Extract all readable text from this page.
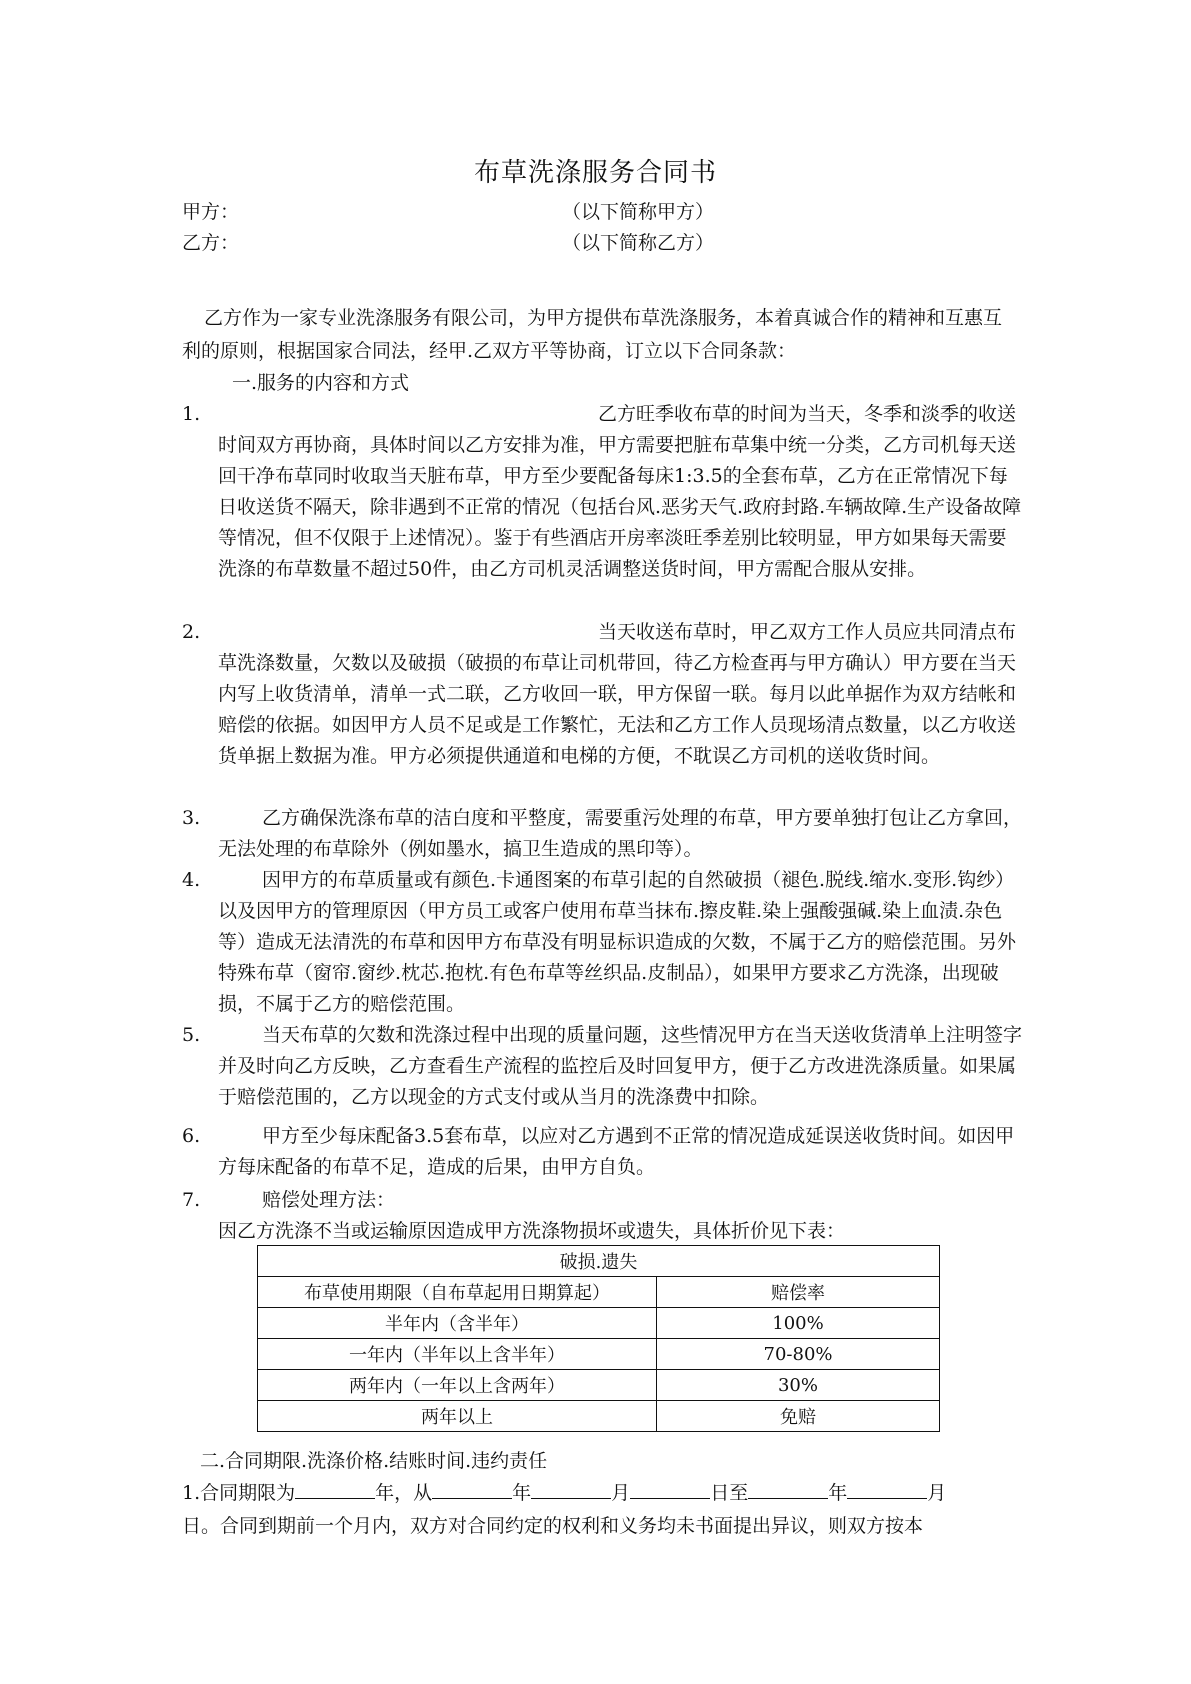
布草洗涤服务合同书
甲方：	（以下简称甲方）
乙方：	（以下简称乙方）
乙方作为一家专业洗涤服务有限公司，为甲方提供布草洗涤服务，本着真诚合作的精神和互惠互利的原则，根据国家合同法，经甲.乙双方平等协商，订立以下合同条款：
一.服务的内容和方式
1.	乙方旺季收布草的时间为当天，冬季和淡季的收送时间双方再协商，具体时间以乙方安排为准，甲方需要把脏布草集中统一分类，乙方司机每天送回干净布草同时收取当天脏布草，甲方至少要配备每床1:3.5的全套布草，乙方在正常情况下每日收送货不隔天，除非遇到不正常的情况（包括台风.恶劣天气.政府封路.车辆故障.生产设备故障等情况，但不仅限于上述情况）。鉴于有些酒店开房率淡旺季差别比较明显，甲方如果每天需要洗涤的布草数量不超过50件，由乙方司机灵活调整送货时间，甲方需配合服从安排。
2.	当天收送布草时，甲乙双方工作人员应共同清点布草洗涤数量，欠数以及破损（破损的布草让司机带回，待乙方检查再与甲方确认）甲方要在当天内写上收货清单，清单一式二联，乙方收回一联，甲方保留一联。每月以此单据作为双方结帐和赔偿的依据。如因甲方人员不足或是工作繁忙，无法和乙方工作人员现场清点数量，以乙方收送货单据上数据为准。甲方必须提供通道和电梯的方便，不耽误乙方司机的送收货时间。
3.	乙方确保洗涤布草的洁白度和平整度，需要重污处理的布草，甲方要单独打包让乙方拿回，无法处理的布草除外（例如墨水，搞卫生造成的黑印等）。
4.	因甲方的布草质量或有颜色.卡通图案的布草引起的自然破损（褪色.脱线.缩水.变形.钩纱）以及因甲方的管理原因（甲方员工或客户使用布草当抹布.擦皮鞋.染上强酸强碱.染上血渍.杂色等）造成无法清洗的布草和因甲方布草没有明显标识造成的欠数，不属于乙方的赔偿范围。另外特殊布草（窗帘.窗纱.枕芯.抱枕.有色布草等丝织品.皮制品），如果甲方要求乙方洗涤，出现破损，不属于乙方的赔偿范围。
5.	当天布草的欠数和洗涤过程中出现的质量问题，这些情况甲方在当天送收货清单上注明签字并及时向乙方反映，乙方查看生产流程的监控后及时回复甲方，便于乙方改进洗涤质量。如果属于赔偿范围的，乙方以现金的方式支付或从当月的洗涤费中扣除。
6.	甲方至少每床配备3.5套布草，以应对乙方遇到不正常的情况造成延误送收货时间。如因甲方每床配备的布草不足，造成的后果，由甲方自负。
7.	赔偿处理方法：
因乙方洗涤不当或运输原因造成甲方洗涤物损坏或遗失，具体折价见下表：
破损.遗失	
布草使用期限（自布草起用日期算起）	赔偿率
半年内（含半年）	100%
一年内（半年以上含半年）	70-80%
两年内（一年以上含两年）	30%
两年以上	免赔
二.合同期限.洗涤价格.结账时间.违约责任
1.合同期限为	年，从	年	月	日至	年	月
日。合同到期前一个月内，双方对合同约定的权利和义务均未书面提出异议，则双方按本
